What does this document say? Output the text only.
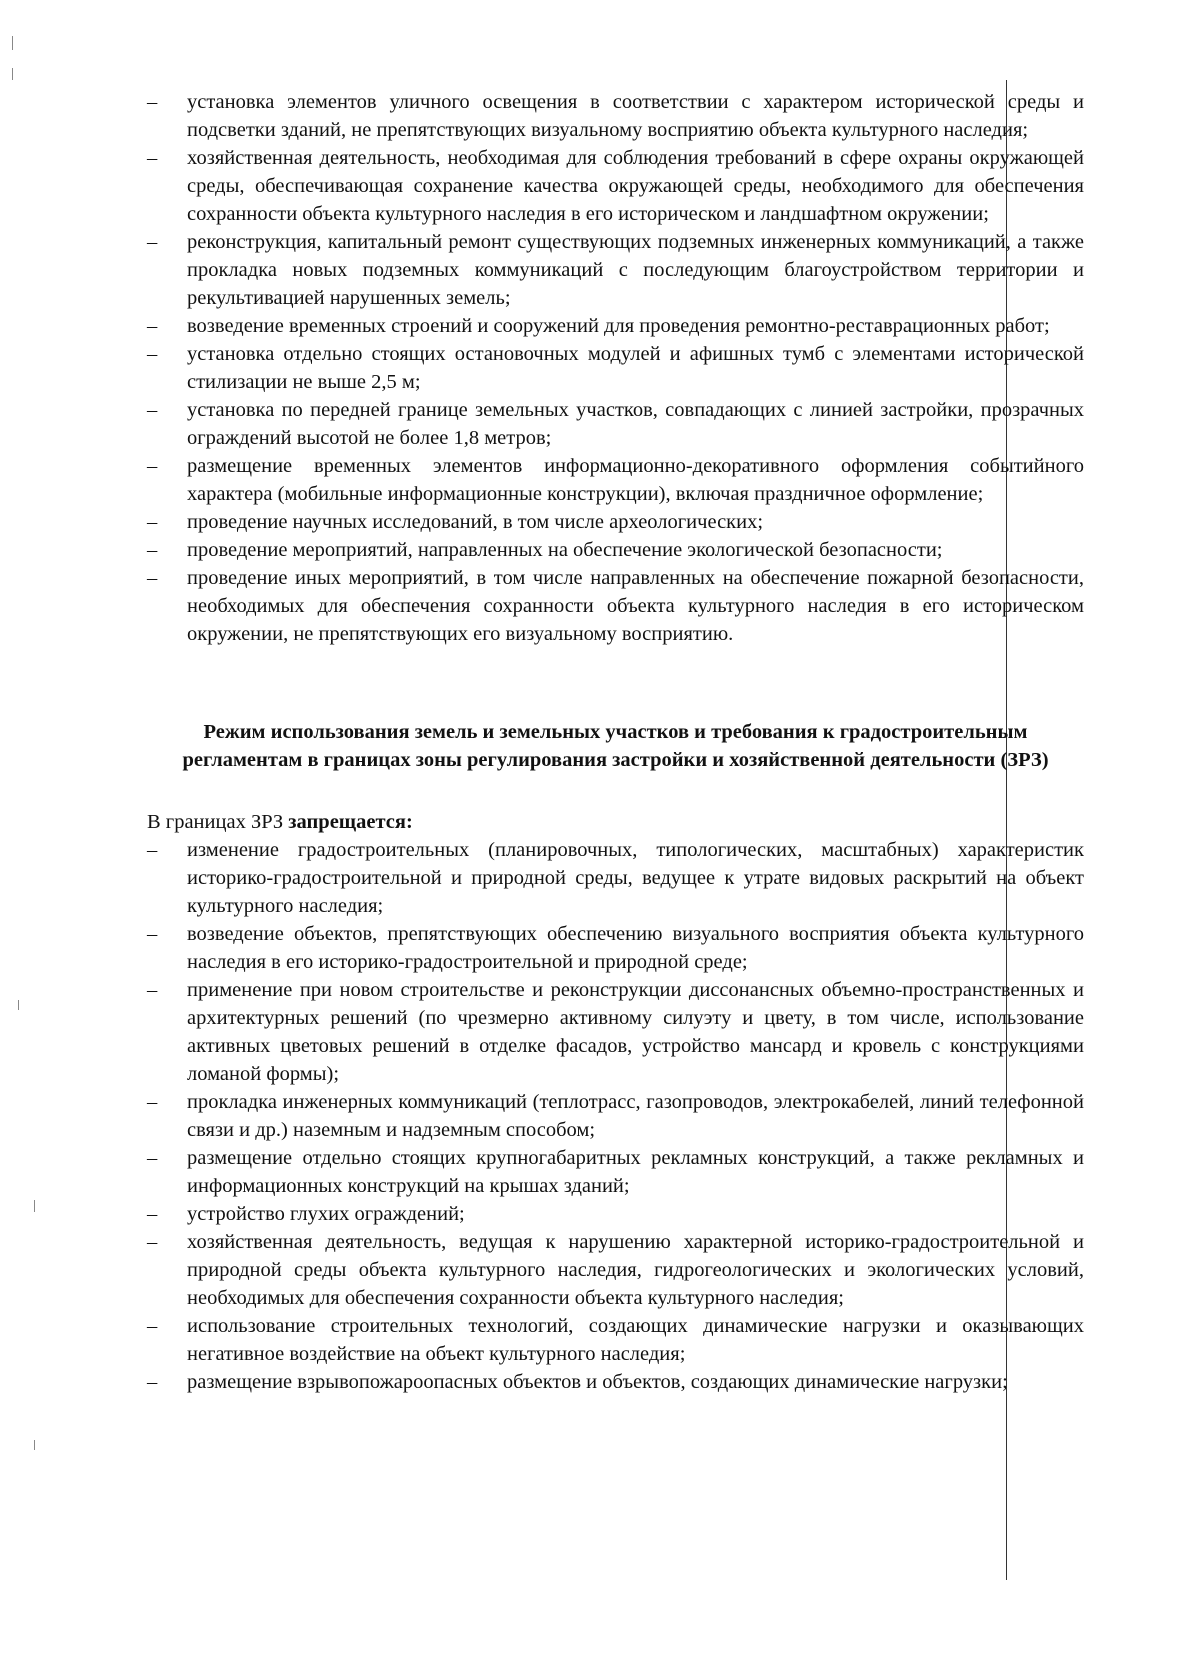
– установка элементов уличного освещения в соответствии с характером исторической среды и подсветки зданий, не препятствующих визуальному восприятию объекта культурного наследия;
– хозяйственная деятельность, необходимая для соблюдения требований в сфере охраны окружающей среды, обеспечивающая сохранение качества окружающей среды, необходимого для обеспечения сохранности объекта культурного наследия в его историческом и ландшафтном окружении;
– реконструкция, капитальный ремонт существующих подземных инженерных коммуникаций, а также прокладка новых подземных коммуникаций с последующим благоустройством территории и рекультивацией нарушенных земель;
– возведение временных строений и сооружений для проведения ремонтно-реставрационных работ;
– установка отдельно стоящих остановочных модулей и афишных тумб с элементами исторической стилизации не выше 2,5 м;
– установка по передней границе земельных участков, совпадающих с линией застройки, прозрачных ограждений высотой не более 1,8 метров;
– размещение временных элементов информационно-декоративного оформления событийного характера (мобильные информационные конструкции), включая праздничное оформление;
– проведение научных исследований, в том числе археологических;
– проведение мероприятий, направленных на обеспечение экологической безопасности;
– проведение иных мероприятий, в том числе направленных на обеспечение пожарной безопасности, необходимых для обеспечения сохранности объекта культурного наследия в его историческом окружении, не препятствующих его визуальному восприятию.
Режим использования земель и земельных участков и требования к градостроительным регламентам в границах зоны регулирования застройки и хозяйственной деятельности (ЗРЗ)

В границах ЗРЗ запрещается:

– изменение градостроительных (планировочных, типологических, масштабных) характеристик историко-градостроительной и природной среды, ведущее к утрате видовых раскрытий на объект культурного наследия;
– возведение объектов, препятствующих обеспечению визуального восприятия объекта культурного наследия в его историко-градостроительной и природной среде;
– применение при новом строительстве и реконструкции диссонансных объемно-пространственных и архитектурных решений (по чрезмерно активному силуэту и цвету, в том числе, использование активных цветовых решений в отделке фасадов, устройство мансард и кровель с конструкциями ломаной формы);
– прокладка инженерных коммуникаций (теплотрасс, газопроводов, электрокабелей, линий телефонной связи и др.) наземным и надземным способом;
– размещение отдельно стоящих крупногабаритных рекламных конструкций, а также рекламных и информационных конструкций на крышах зданий;
– устройство глухих ограждений;
– хозяйственная деятельность, ведущая к нарушению характерной историко-градостроительной и природной среды объекта культурного наследия, гидрогеологических и экологических условий, необходимых для обеспечения сохранности объекта культурного наследия;
– использование строительных технологий, создающих динамические нагрузки и оказывающих негативное воздействие на объект культурного наследия;
– размещение взрывопожароопасных объектов и объектов, создающих динамические нагрузки;
